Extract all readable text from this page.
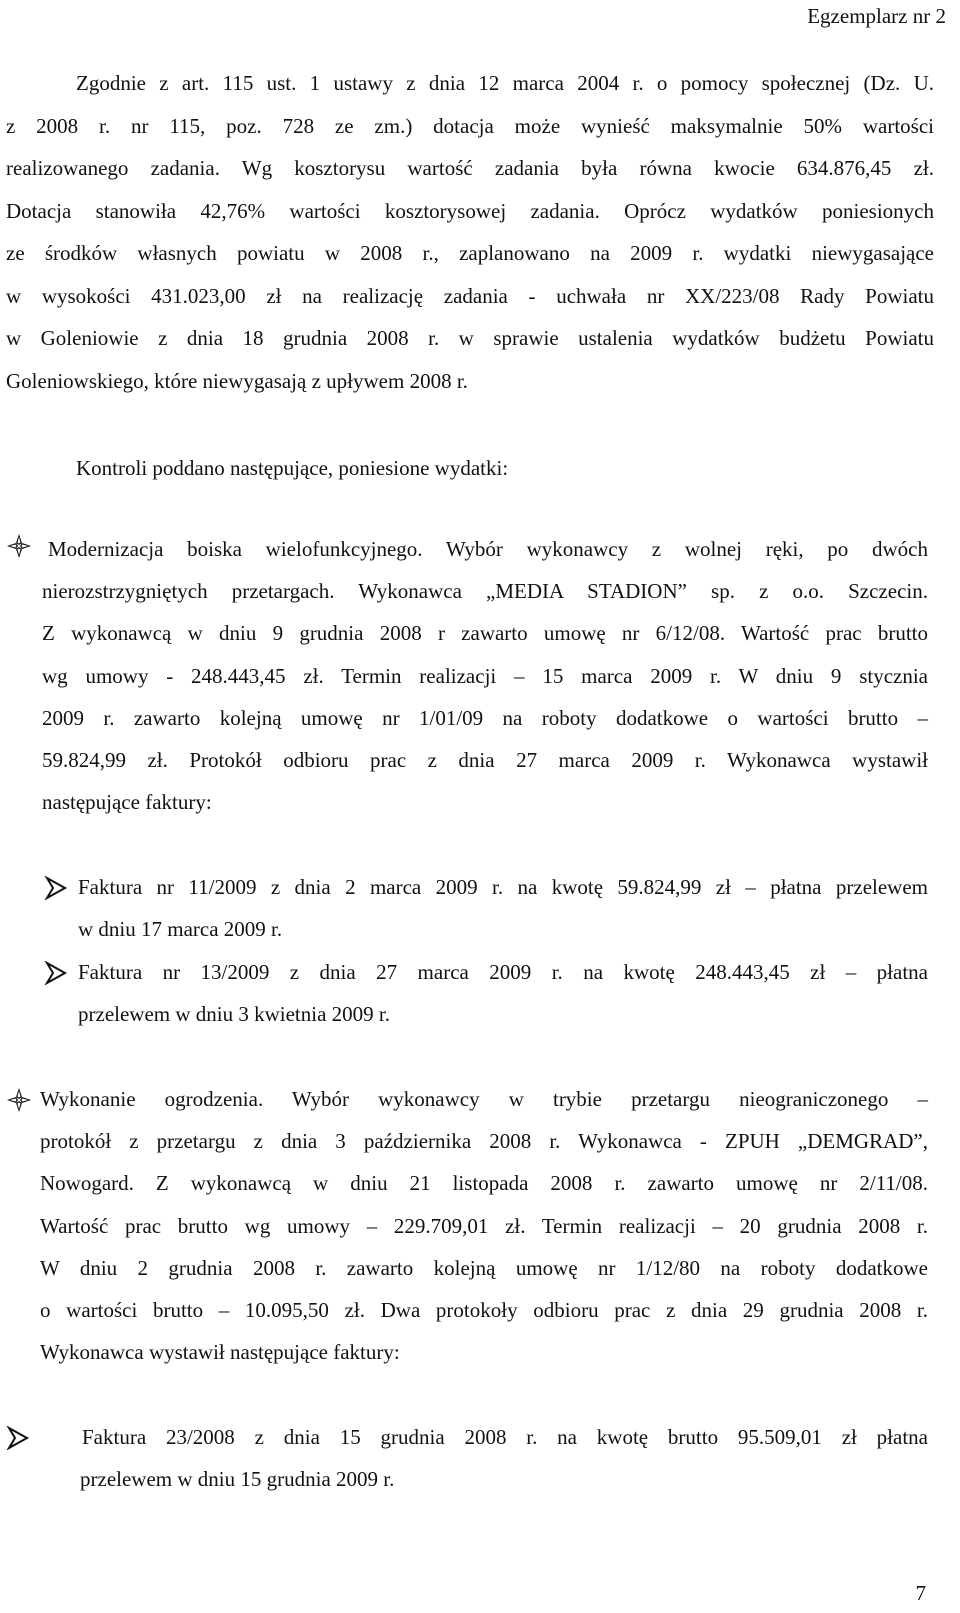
Egzemplarz nr 2
Zgodnie z art. 115 ust. 1 ustawy z dnia 12 marca 2004 r. o pomocy społecznej (Dz. U.
z 2008 r. nr 115, poz. 728 ze zm.) dotacja może wynieść maksymalnie 50% wartości
realizowanego zadania. Wg kosztorysu wartość zadania była równa kwocie 634.876,45 zł.
Dotacja stanowiła 42,76% wartości kosztorysowej zadania. Oprócz wydatków poniesionych
ze środków własnych powiatu w 2008 r., zaplanowano na 2009 r. wydatki niewygasające
w wysokości 431.023,00 zł na realizację zadania - uchwała nr XX/223/08 Rady Powiatu
w Goleniowie z dnia 18 grudnia 2008 r. w sprawie ustalenia wydatków budżetu Powiatu
Goleniowskiego, które niewygasają z upływem 2008 r.
Kontroli poddano następujące, poniesione wydatki:
Modernizacja boiska wielofunkcyjnego. Wybór wykonawcy z wolnej ręki, po dwóch
nierozstrzygniętych przetargach. Wykonawca „MEDIA STADION” sp. z o.o. Szczecin.
Z wykonawcą w dniu 9 grudnia 2008 r zawarto umowę nr 6/12/08. Wartość prac brutto
wg umowy - 248.443,45 zł. Termin realizacji – 15 marca 2009 r. W dniu 9 stycznia
2009 r. zawarto kolejną umowę nr 1/01/09 na roboty dodatkowe o wartości brutto –
59.824,99 zł. Protokół odbioru prac z dnia 27 marca 2009 r. Wykonawca wystawił
następujące faktury:
Faktura nr 11/2009 z dnia 2 marca 2009 r. na kwotę 59.824,99 zł – płatna przelewem
w dniu 17 marca 2009 r.
Faktura nr 13/2009 z dnia 27 marca 2009 r. na kwotę 248.443,45 zł – płatna
przelewem w dniu 3 kwietnia 2009 r.
Wykonanie ogrodzenia. Wybór wykonawcy w trybie przetargu nieograniczonego –
protokół z przetargu z dnia 3 października 2008 r. Wykonawca - ZPUH „DEMGRAD”,
Nowogard. Z wykonawcą w dniu 21 listopada 2008 r. zawarto umowę nr 2/11/08.
Wartość prac brutto wg umowy – 229.709,01 zł. Termin realizacji – 20 grudnia 2008 r.
W dniu 2 grudnia 2008 r. zawarto kolejną umowę nr 1/12/80 na roboty dodatkowe
o wartości brutto – 10.095,50 zł. Dwa protokoły odbioru prac z dnia 29 grudnia 2008 r.
Wykonawca wystawił następujące faktury:
Faktura 23/2008 z dnia 15 grudnia 2008 r. na kwotę brutto 95.509,01 zł płatna
przelewem w dniu 15 grudnia 2009 r.
7
